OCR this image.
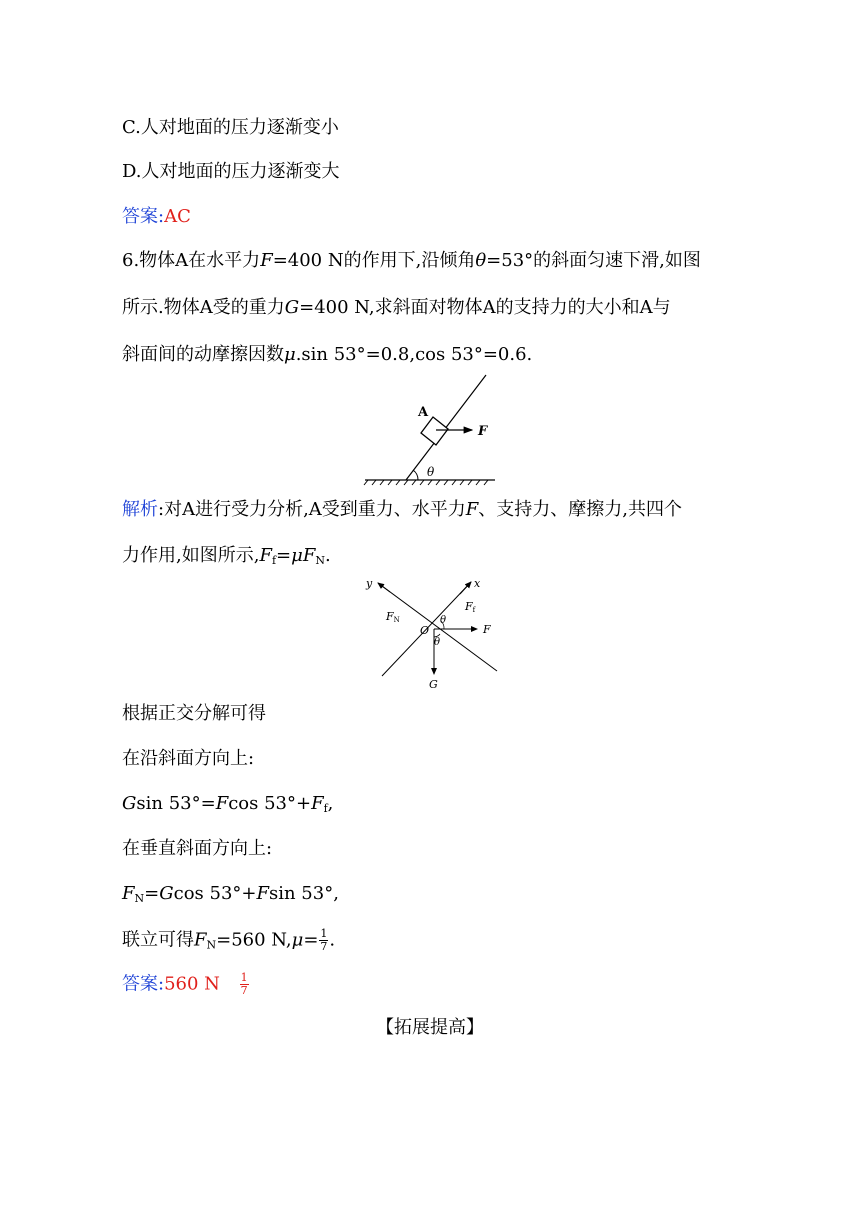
C.人对地面的压力逐渐变小
D.人对地面的压力逐渐变大
答案:AC
6.物体A在水平力F=400 N的作用下,沿倾角θ=53°的斜面匀速下滑,如图
所示.物体A受的重力G=400 N,求斜面对物体A的支持力的大小和A与
斜面间的动摩擦因数μ.sin 53°=0.8,cos 53°=0.6.
A
F
θ
解析:对A进行受力分析,A受到重力、水平力F、支持力、摩擦力,共四个
力作用,如图所示$,F_f=\mu F_N$.
y	x
FN
Ff
O
θ
θ
F
G
根据正交分解可得
在沿斜面方向上:
Gsin 53°=Fcos $53^\circ+F_f$,
在垂直斜面方向上:
$F_N=Gcos$ 53°+Fsin 53°,
联立可得$F_N=560$ $N,\mu= \frac{1}{7}$ .
答案:560 N $\frac{1}{7}$
【拓展提高】
